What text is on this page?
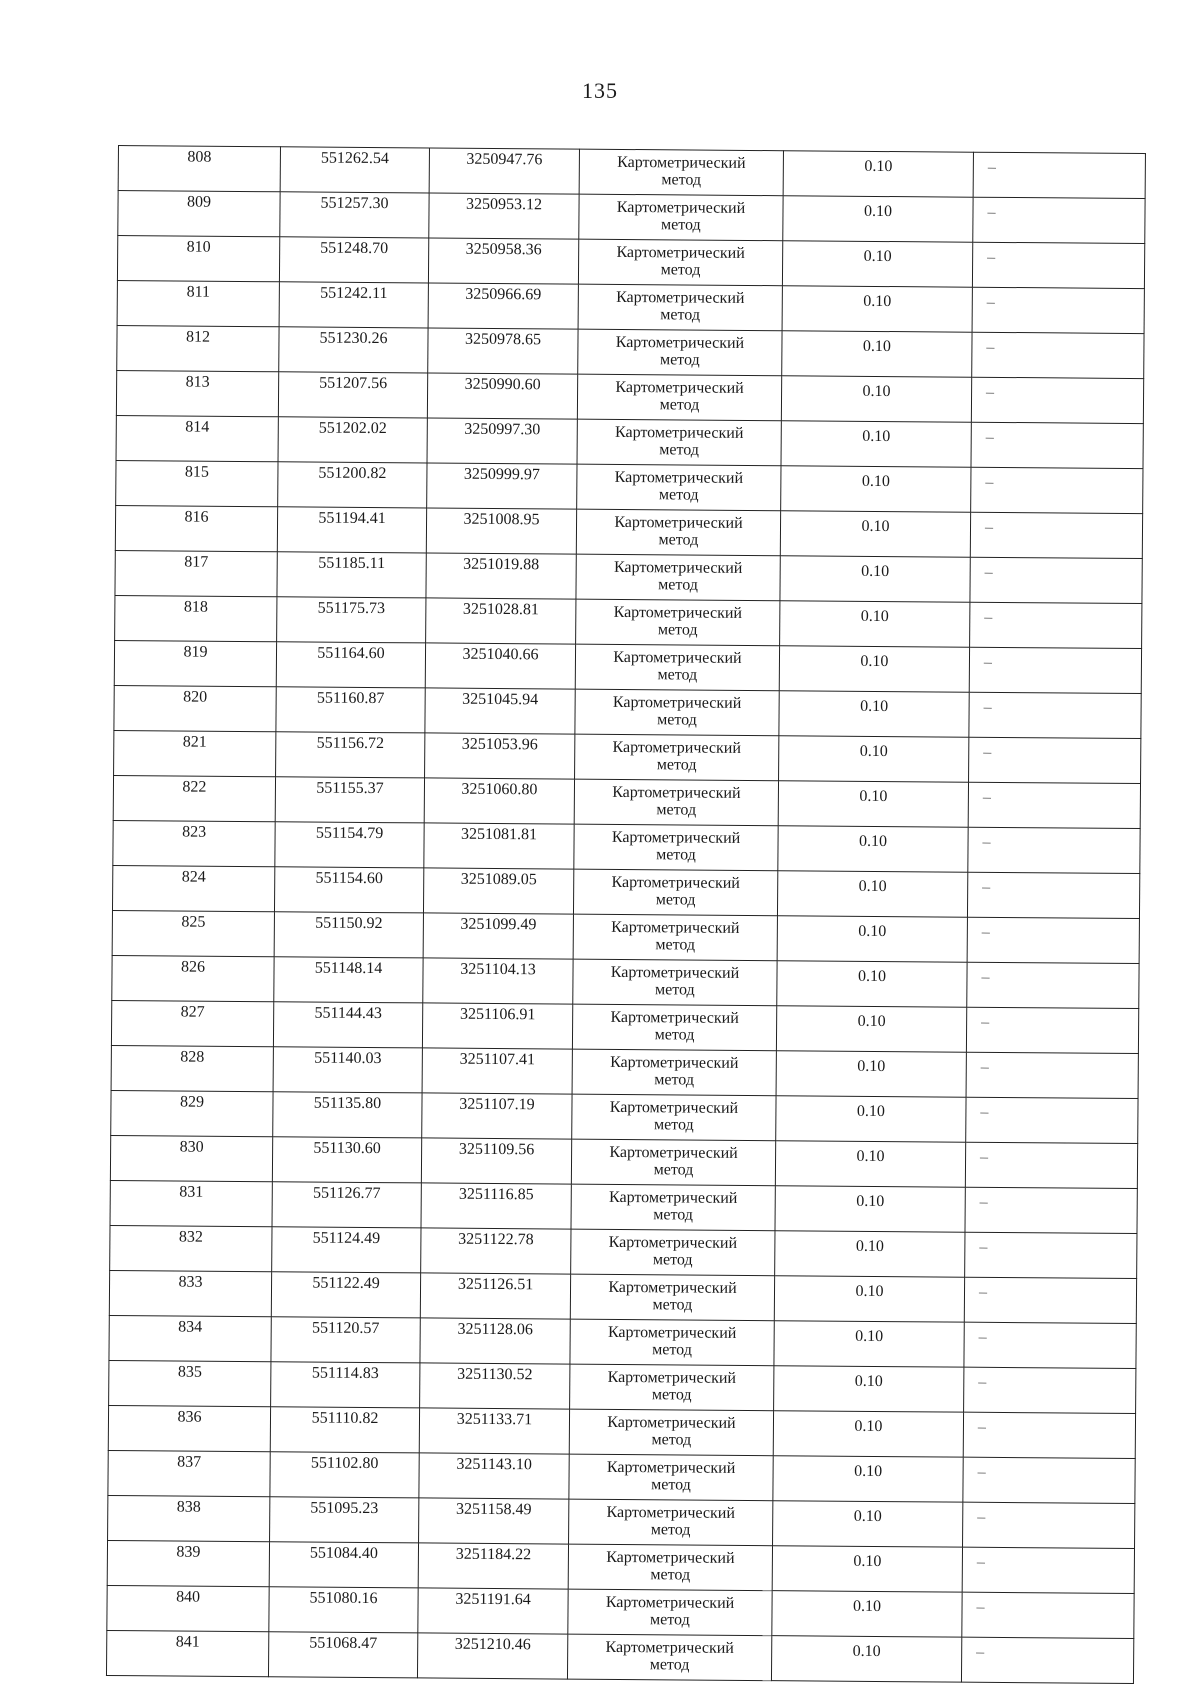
135
808	551262.54	3250947.76	Картометрический
метод	0.10	–
809	551257.30	3250953.12	Картометрический
метод	0.10	–
810	551248.70	3250958.36	Картометрический
метод	0.10	–
811	551242.11	3250966.69	Картометрический
метод	0.10	–
812	551230.26	3250978.65	Картометрический
метод	0.10	–
813	551207.56	3250990.60	Картометрический
метод	0.10	–
814	551202.02	3250997.30	Картометрический
метод	0.10	–
815	551200.82	3250999.97	Картометрический
метод	0.10	–
816	551194.41	3251008.95	Картометрический
метод	0.10	–
817	551185.11	3251019.88	Картометрический
метод	0.10	–
818	551175.73	3251028.81	Картометрический
метод	0.10	–
819	551164.60	3251040.66	Картометрический
метод	0.10	–
820	551160.87	3251045.94	Картометрический
метод	0.10	–
821	551156.72	3251053.96	Картометрический
метод	0.10	–
822	551155.37	3251060.80	Картометрический
метод	0.10	–
823	551154.79	3251081.81	Картометрический
метод	0.10	–
824	551154.60	3251089.05	Картометрический
метод	0.10	–
825	551150.92	3251099.49	Картометрический
метод	0.10	–
826	551148.14	3251104.13	Картометрический
метод	0.10	–
827	551144.43	3251106.91	Картометрический
метод	0.10	–
828	551140.03	3251107.41	Картометрический
метод	0.10	–
829	551135.80	3251107.19	Картометрический
метод	0.10	–
830	551130.60	3251109.56	Картометрический
метод	0.10	–
831	551126.77	3251116.85	Картометрический
метод	0.10	–
832	551124.49	3251122.78	Картометрический
метод	0.10	–
833	551122.49	3251126.51	Картометрический
метод	0.10	–
834	551120.57	3251128.06	Картометрический
метод	0.10	–
835	551114.83	3251130.52	Картометрический
метод	0.10	–
836	551110.82	3251133.71	Картометрический
метод	0.10	–
837	551102.80	3251143.10	Картометрический
метод	0.10	–
838	551095.23	3251158.49	Картометрический
метод	0.10	–
839	551084.40	3251184.22	Картометрический
метод	0.10	–
840	551080.16	3251191.64	Картометрический
метод	0.10	–
841	551068.47	3251210.46	Картометрический
метод	0.10	–
